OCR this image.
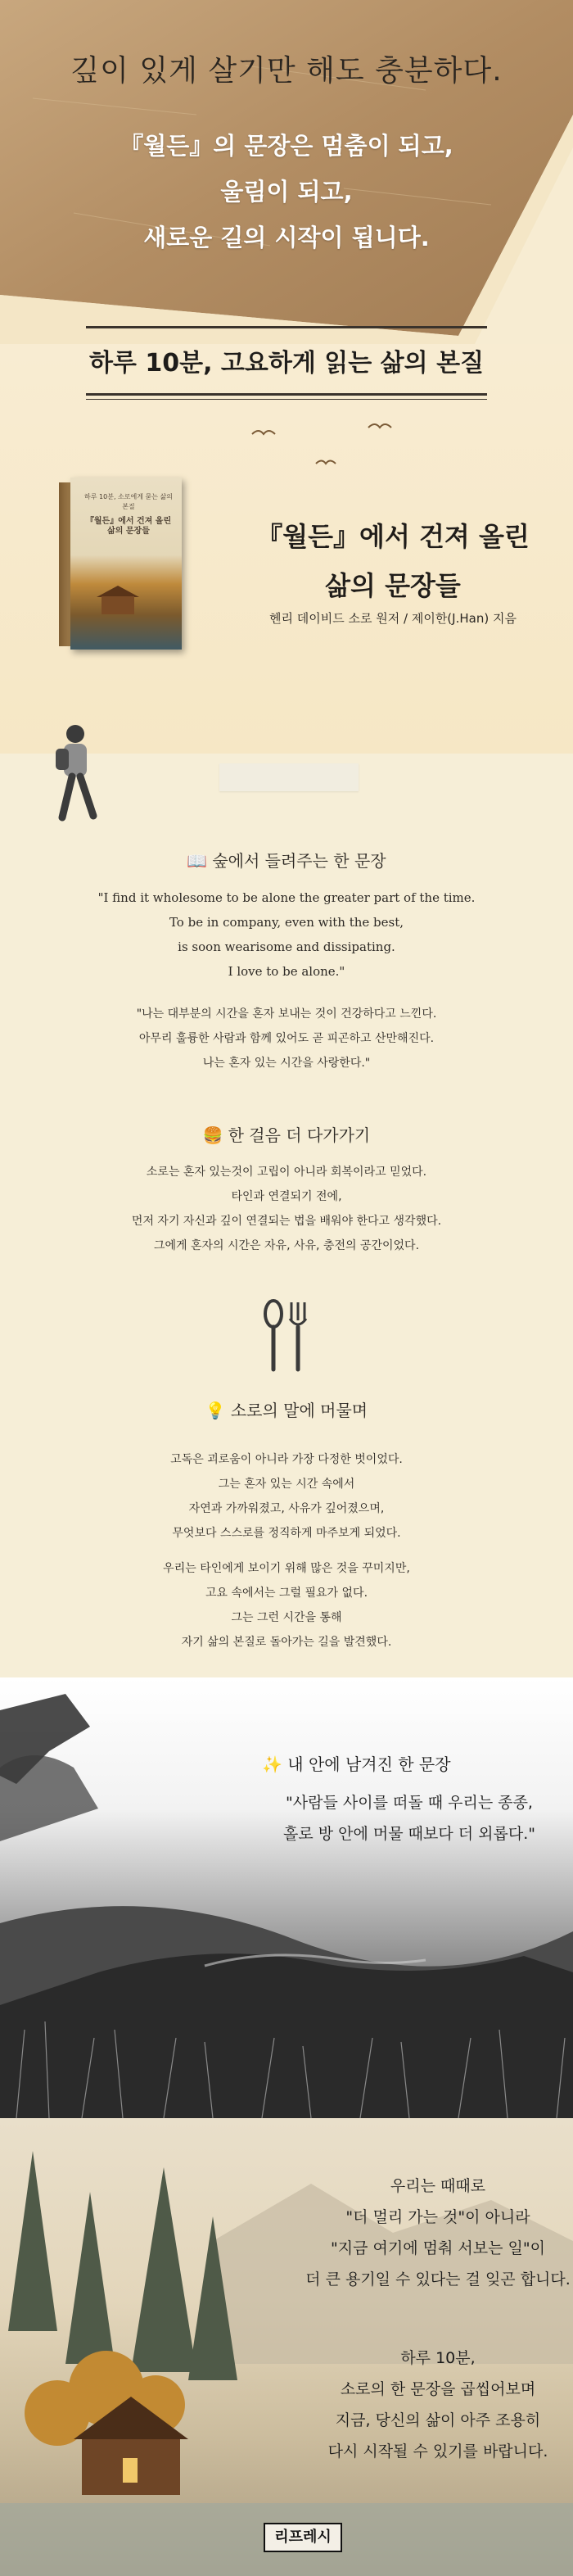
깊이 있게 살기만 해도 충분하다.
『월든』의 문장은 멈춤이 되고,
울림이 되고,
새로운 길의 시작이 됩니다.
하루 10분, 고요하게 읽는 삶의 본질
하루 10분, 소로에게 묻는 삶의 본질
『월든』에서 건져 올린
삶의 문장들	『월든』에서 건져 올린
삶의 문장들
헨리 데이비드 소로 원저 / 제이한(J.Han) 지음
📖 숲에서 들려주는 한 문장
"I find it wholesome to be alone the greater part of the time.
To be in company, even with the best,
is soon wearisome and dissipating.
I love to be alone."
"나는 대부분의 시간을 혼자 보내는 것이 건강하다고 느낀다.
아무리 훌륭한 사람과 함께 있어도 곧 피곤하고 산만해진다.
나는 혼자 있는 시간을 사랑한다."
🍔 한 걸음 더 다가가기
소로는 혼자 있는것이 고립이 아니라 회복이라고 믿었다.
타인과 연결되기 전에,
먼저 자기 자신과 깊이 연결되는 법을 배워야 한다고 생각했다.
그에게 혼자의 시간은 자유, 사유, 충전의 공간이었다.
💡 소로의 말에 머물며
고독은 괴로움이 아니라 가장 다정한 벗이었다.
그는 혼자 있는 시간 속에서
자연과 가까워졌고, 사유가 깊어졌으며,
무엇보다 스스로를 정직하게 마주보게 되었다.
우리는 타인에게 보이기 위해 많은 것을 꾸미지만,
고요 속에서는 그럴 필요가 없다.
그는 그런 시간을 통해
자기 삶의 본질로 돌아가는 길을 발견했다.
✨ 내 안에 남겨진 한 문장
"사람들 사이를 떠돌 때 우리는 종종,
홀로 방 안에 머물 때보다 더 외롭다."
우리는 때때로
"더 멀리 가는 것"이 아니라
"지금 여기에 멈춰 서보는 일"이
더 큰 용기일 수 있다는 걸 잊곤 합니다.
하루 10분,
소로의 한 문장을 곱씹어보며
지금, 당신의 삶이 아주 조용히
다시 시작될 수 있기를 바랍니다.
리프레시
